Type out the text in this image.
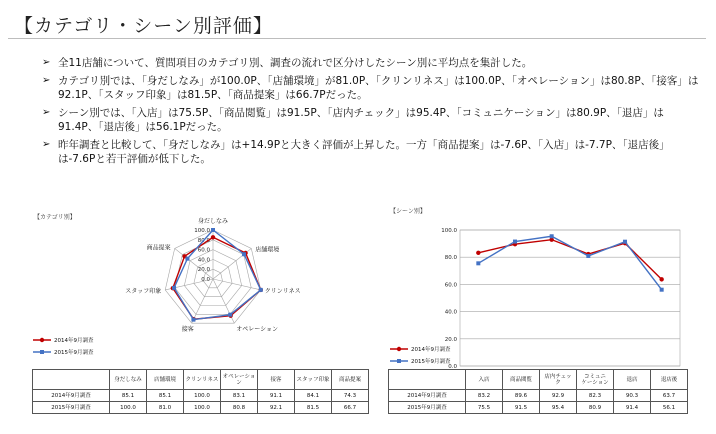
【カテゴリ・シーン別評価】
➢ 全11店舗について、質問項目のカテゴリ別、調査の流れで区分けしたシーン別に平均点を集計した。
➢ カテゴリ別では、「身だしなみ」が100.0P、「店舗環境」が81.0P、「クリンリネス」は100.0P、「オペレーション」は80.8P、「接客」は92.1P、「スタッフ印象」は81.5P、「商品提案」は66.7Pだった。
➢ シーン別では、「入店」は75.5P、「商品閲覧」は91.5P、「店内チェック」は95.4P、「コミュニケーション」は80.9P、「退店」は91.4P、「退店後」は56.1Pだった。
➢ 昨年調査と比較して、「身だしなみ」は+14.9Pと大きく評価が上昇した。一方「商品提案」は-7.6P、「入店」は-7.7P、「退店後」は-7.6Pと若干評価が低下した。
【カテゴリ別】
【シーン別】
100.0
80.0
60.0
40.0
20.0
0.0
身だしなみ
店舗環境
クリンリネス
オペレーション
接客
スタッフ印象
商品提案
2014年9月調査
2015年9月調査
100.0
80.0
60.0
40.0
20.0
0.0
2014年9月調査
2015年9月調査
	身だしなみ	店舗環境	クリンリネス	オペレーション	接客	スタッフ印象	商品提案
2014年9月調査	85.1	85.1	100.0	83.1	91.1	84.1	74.3
2015年9月調査	100.0	81.0	100.0	80.8	92.1	81.5	66.7
	入店	商品閲覧	店内チェッ
ク	コミュニ
ケーション	退店	退店後
2014年9月調査	83.2	89.6	92.9	82.3	90.3	63.7
2015年9月調査	75.5	91.5	95.4	80.9	91.4	56.1
